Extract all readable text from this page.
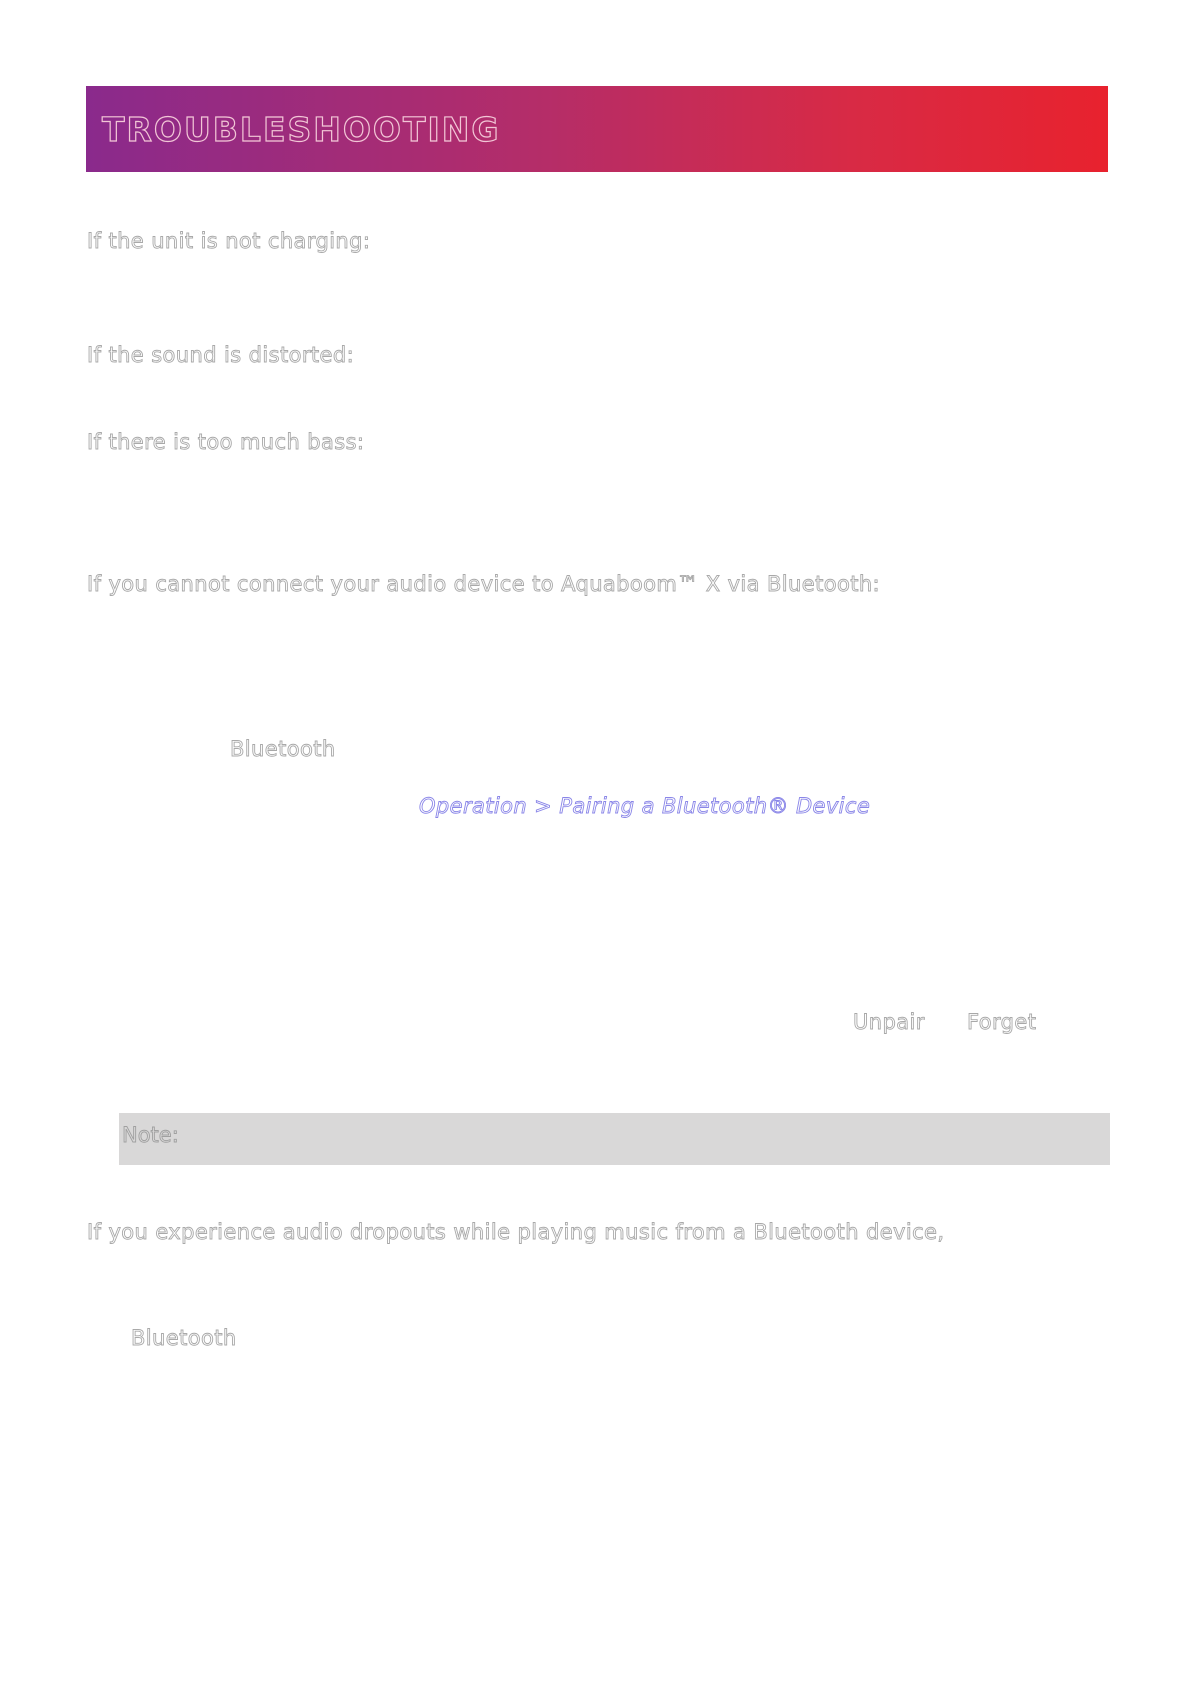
TROUBLESHOOTING
If the unit is not charging:
If the sound is distorted:
If there is too much bass:
If you cannot connect your audio device to Aquaboom™ X via Bluetooth:
Bluetooth
Operation > Pairing a Bluetooth® Device
Unpair Forget
Note:
If you experience audio dropouts while playing music from a Bluetooth device,
Bluetooth
